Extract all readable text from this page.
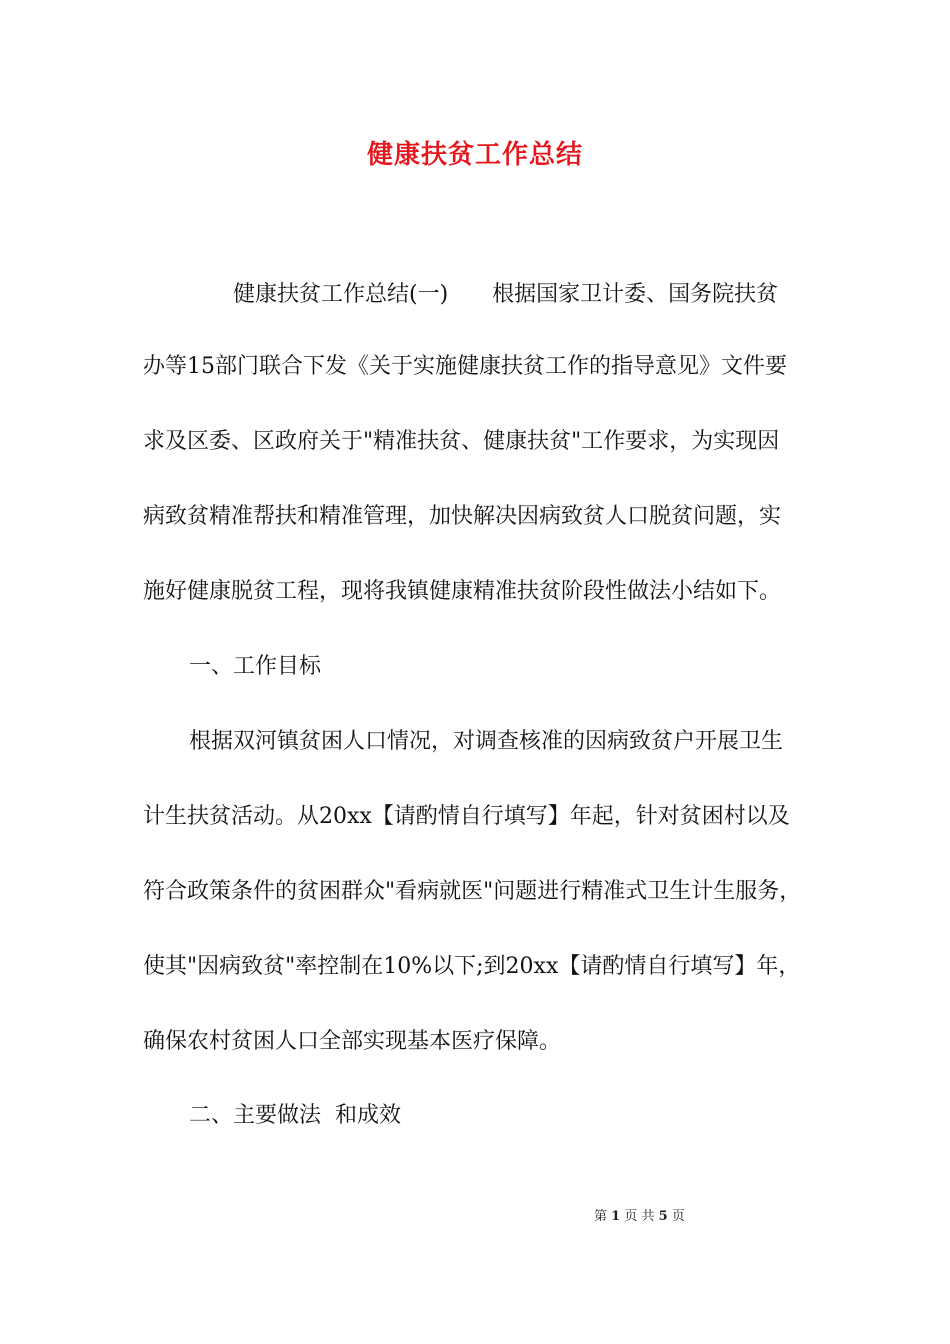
健康扶贫工作总结
健康扶贫工作总结(一) 根据国家卫计委、国务院扶贫
办等15部门联合下发《关于实施健康扶贫工作的指导意见》文件要
求及区委、区政府关于"精准扶贫、健康扶贫"工作要求，为实现因
病致贫精准帮扶和精准管理，加快解决因病致贫人口脱贫问题，实
施好健康脱贫工程，现将我镇健康精准扶贫阶段性做法小结如下。
一、工作目标
根据双河镇贫困人口情况，对调查核准的因病致贫户开展卫生
计生扶贫活动。从20xx【请酌情自行填写】年起，针对贫困村以及
符合政策条件的贫困群众"看病就医"问题进行精准式卫生计生服务，
使其"因病致贫"率控制在10%以下;到20xx【请酌情自行填写】年，
确保农村贫困人口全部实现基本医疗保障。
二、主要做法  和成效
第 1 页 共 5 页
